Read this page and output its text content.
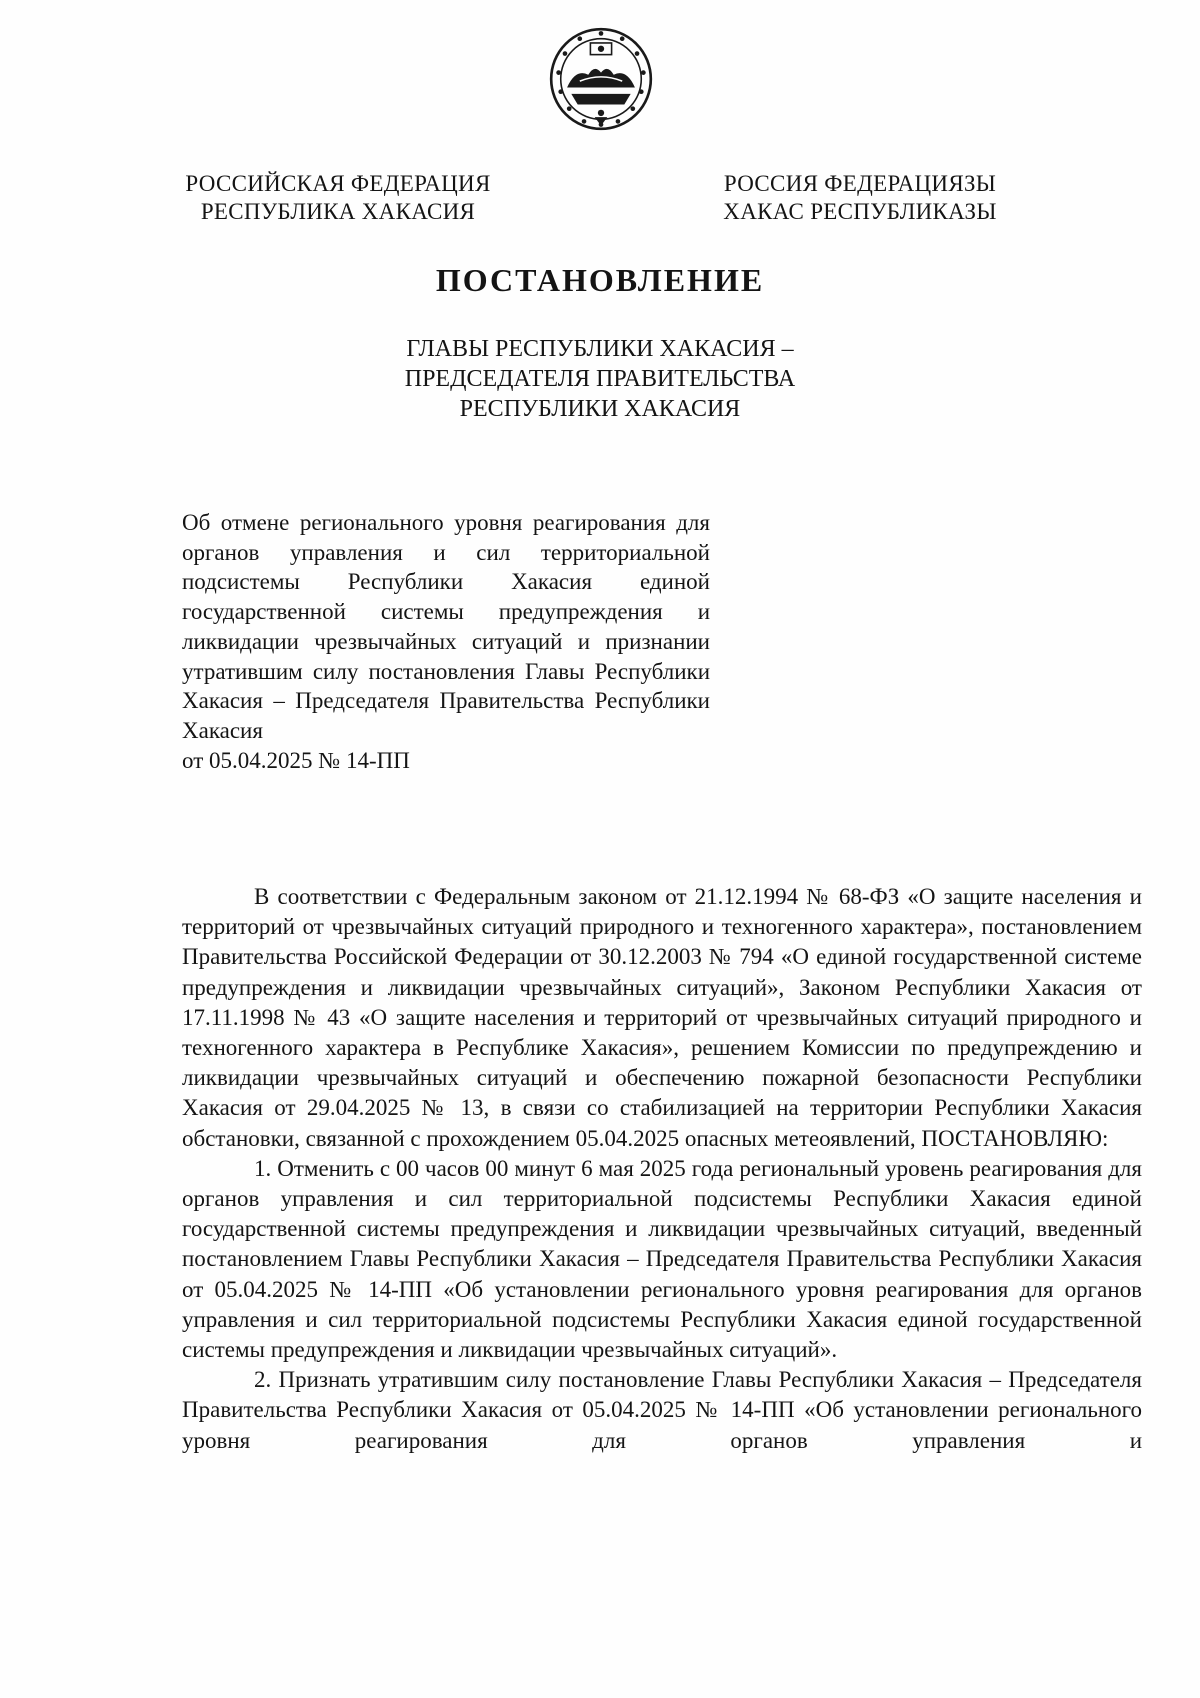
РОССИЙСКАЯ ФЕДЕРАЦИЯ
РЕСПУБЛИКА ХАКАСИЯ
РОССИЯ ФЕДЕРАЦИЯЗЫ
ХАКАС РЕСПУБЛИКАЗЫ
ПОСТАНОВЛЕНИЕ
ГЛАВЫ РЕСПУБЛИКИ ХАКАСИЯ –
ПРЕДСЕДАТЕЛЯ ПРАВИТЕЛЬСТВА
РЕСПУБЛИКИ ХАКАСИЯ
Об отмене регионального уровня реагирования для органов управления и сил территориальной подсистемы Республики Хакасия единой государственной системы предупреждения и ликвидации чрезвычайных ситуаций и признании утратившим силу постановления Главы Республики Хакасия – Председателя Правительства Республики Хакасия
от 05.04.2025 № 14-ПП

В соответствии с Федеральным законом от 21.12.1994 № 68-ФЗ «О защите населения и территорий от чрезвычайных ситуаций природного и техногенного характера», постановлением Правительства Российской Федерации от 30.12.2003 № 794 «О единой государственной системе предупреждения и ликвидации чрезвычайных ситуаций», Законом Республики Хакасия от 17.11.1998 № 43 «О защите населения и территорий от чрезвычайных ситуаций природного и техногенного характера в Республике Хакасия», решением Комиссии по предупреждению и ликвидации чрезвычайных ситуаций и обеспечению пожарной безопасности Республики Хакасия от 29.04.2025 № 13, в связи со стабилизацией на территории Республики Хакасия обстановки, связанной с прохождением 05.04.2025 опасных метеоявлений, ПОСТАНОВЛЯЮ:

1. Отменить с 00 часов 00 минут 6 мая 2025 года региональный уровень реагирования для органов управления и сил территориальной подсистемы Республики Хакасия единой государственной системы предупреждения и ликвидации чрезвычайных ситуаций, введенный постановлением Главы Республики Хакасия – Председателя Правительства Республики Хакасия от 05.04.2025 № 14-ПП «Об установлении регионального уровня реагирования для органов управления и сил территориальной подсистемы Республики Хакасия единой государственной системы предупреждения и ликвидации чрезвычайных ситуаций».

2. Признать утратившим силу постановление Главы Республики Хакасия – Председателя Правительства Республики Хакасия от 05.04.2025 № 14-ПП «Об установлении регионального уровня реагирования для органов управления и
